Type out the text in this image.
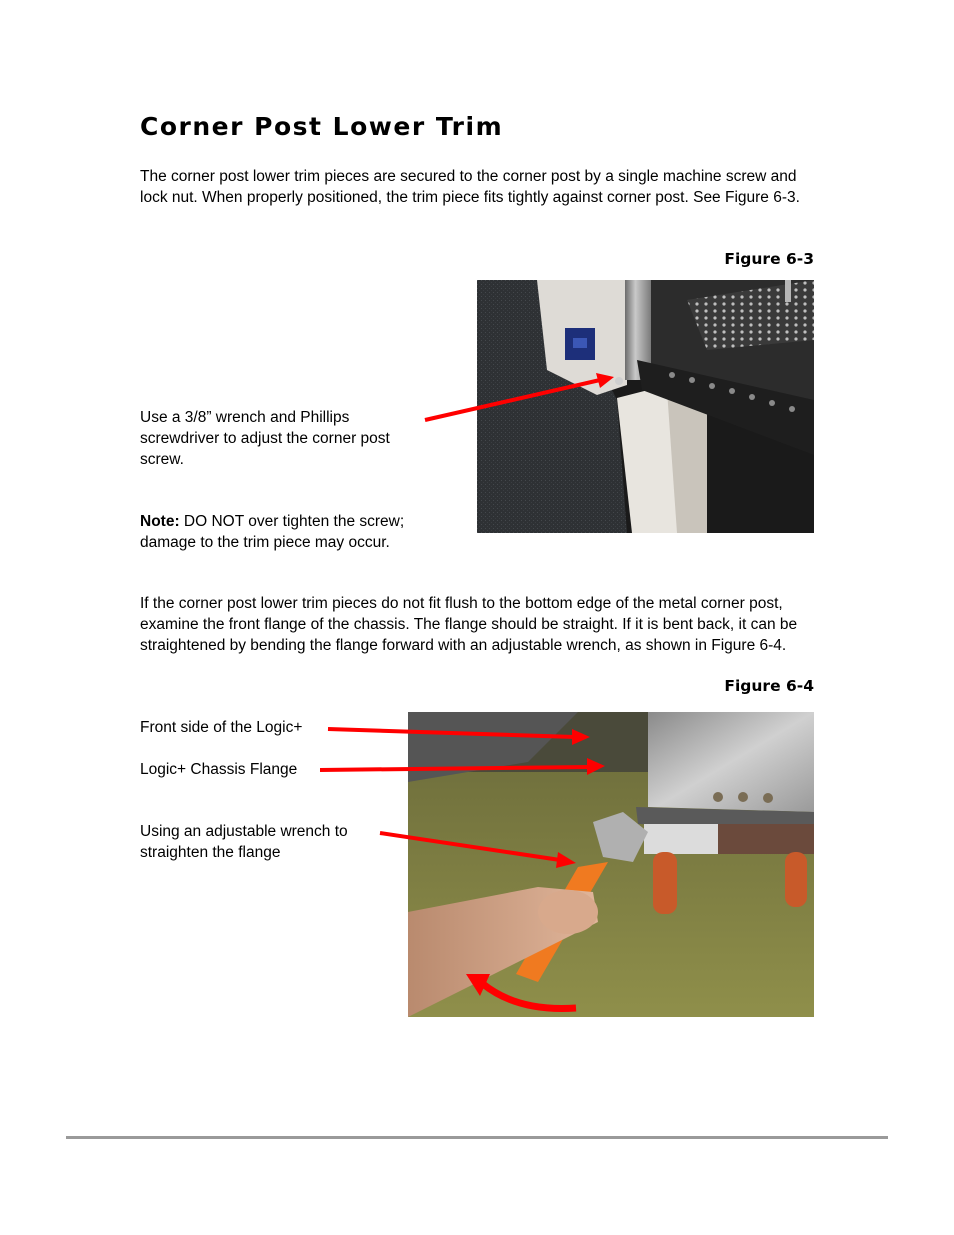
Corner Post Lower Trim
The corner post lower trim pieces are secured to the corner post by a single machine screw and lock nut. When properly positioned, the trim piece fits tightly against corner post. See Figure 6-3.
Figure 6-3
Use a 3/8” wrench and Phillips screwdriver to adjust the corner post screw.
Note: DO NOT over tighten the screw; damage to the trim piece may occur.
If the corner post lower trim pieces do not fit flush to the bottom edge of the metal corner post, examine the front flange of the chassis. The flange should be straight. If it is bent back, it can be straightened by bending the flange forward with an adjustable wrench, as shown in Figure 6-4.
Figure 6-4
Front side of the Logic+
Logic+ Chassis Flange
Using an adjustable wrench to straighten the flange
